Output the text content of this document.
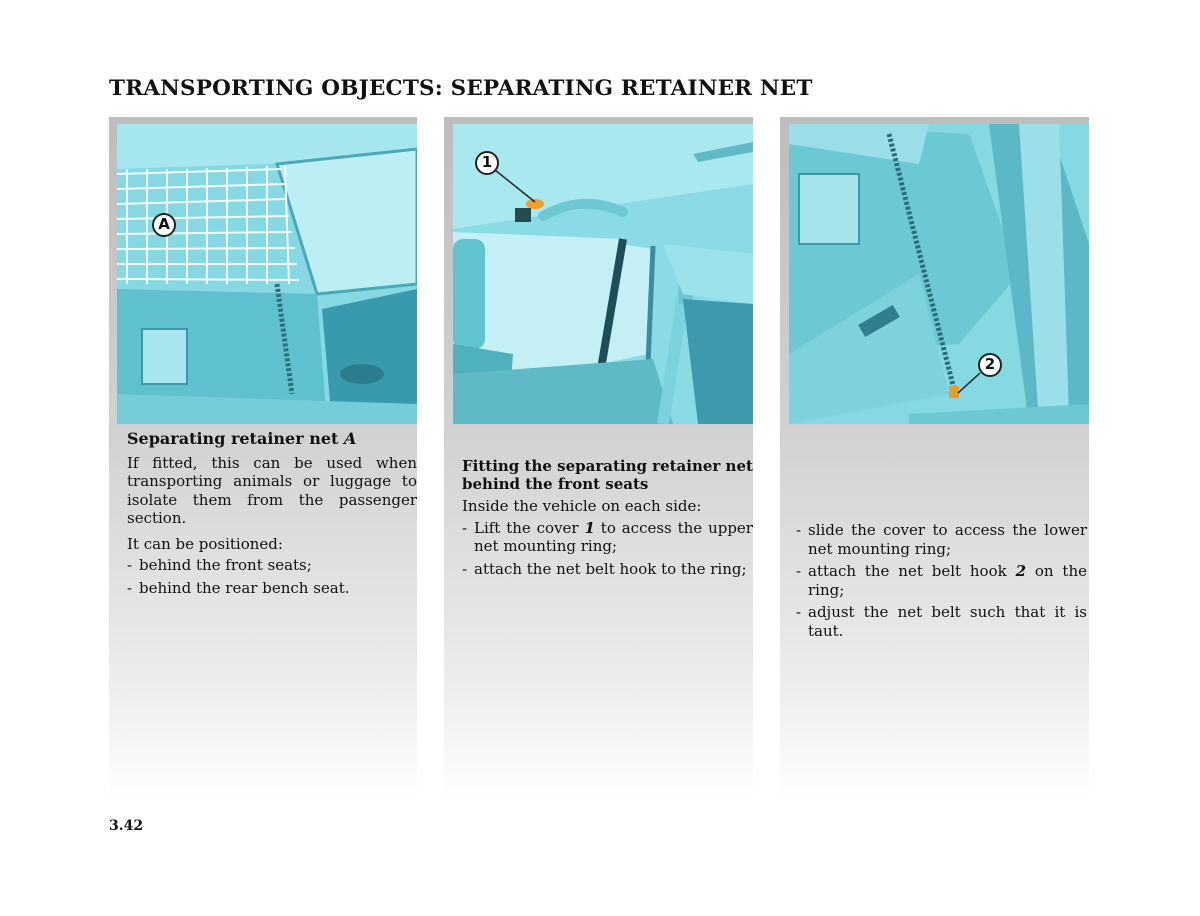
TRANSPORTING OBJECTS: SEPARATING RETAINER NET
A

Separating retainer net A

If fitted, this can be used when transporting animals or luggage to isolate them from the passenger section.

It can be positioned:

- behind the front seats;
- behind the rear bench seat.
1

Fitting the separating retainer net behind the front seats

Inside the vehicle on each side:

- Lift the cover 1 to access the upper net mounting ring;
- attach the net belt hook to the ring;
2
- slide the cover to access the lower net mounting ring;
- attach the net belt hook 2 on the ring;
- adjust the net belt such that it is taut.
3.42
